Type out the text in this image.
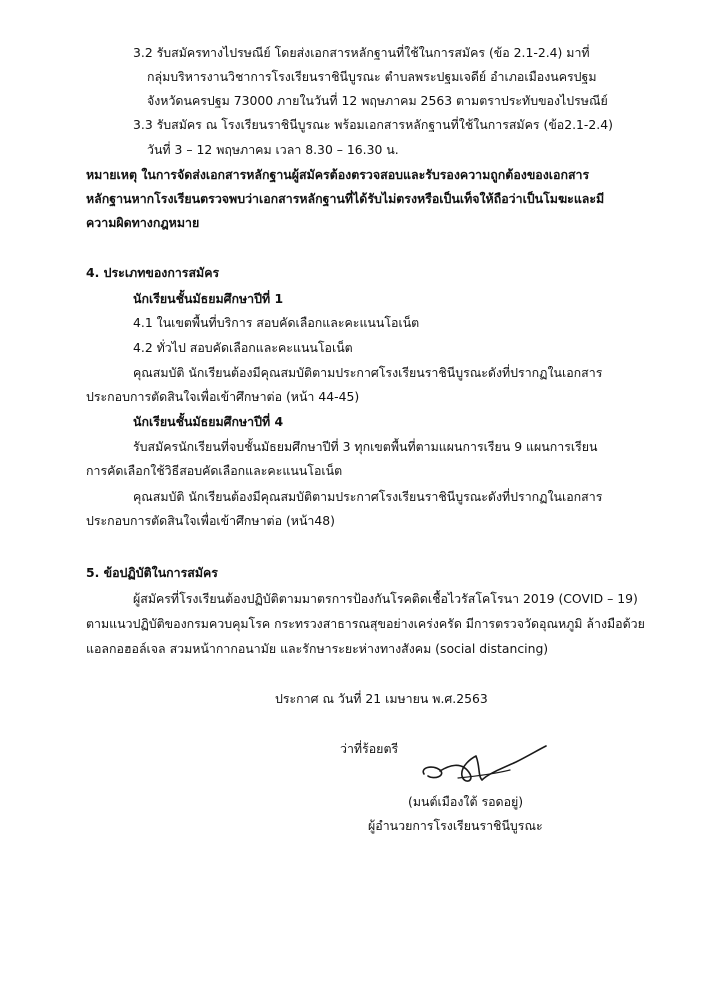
3.2 รับสมัครทางไปรษณีย์ โดยส่งเอกสารหลักฐานที่ใช้ในการสมัคร (ข้อ 2.1-2.4) มาที่
กลุ่มบริหารงานวิชาการโรงเรียนราชินีบูรณะ ตำบลพระปฐมเจดีย์ อำเภอเมืองนครปฐม
จังหวัดนครปฐม 73000 ภายในวันที่ 12 พฤษภาคม 2563 ตามตราประทับของไปรษณีย์
3.3 รับสมัคร ณ โรงเรียนราชินีบูรณะ พร้อมเอกสารหลักฐานที่ใช้ในการสมัคร (ข้อ2.1-2.4)
วันที่ 3 – 12 พฤษภาคม เวลา 8.30 – 16.30 น.
หมายเหตุ ในการจัดส่งเอกสารหลักฐานผู้สมัครต้องตรวจสอบและรับรองความถูกต้องของเอกสาร
หลักฐานหากโรงเรียนตรวจพบว่าเอกสารหลักฐานที่ได้รับไม่ตรงหรือเป็นเท็จให้ถือว่าเป็นโมฆะและมี
ความผิดทางกฎหมาย
4. ประเภทของการสมัคร
นักเรียนชั้นมัธยมศึกษาปีที่ 1
4.1 ในเขตพื้นที่บริการ สอบคัดเลือกและคะแนนโอเน็ต
4.2 ทั่วไป สอบคัดเลือกและคะแนนโอเน็ต
คุณสมบัติ นักเรียนต้องมีคุณสมบัติตามประกาศโรงเรียนราชินีบูรณะดังที่ปรากฏในเอกสาร
ประกอบการตัดสินใจเพื่อเข้าศึกษาต่อ (หน้า 44-45)
นักเรียนชั้นมัธยมศึกษาปีที่ 4
รับสมัครนักเรียนที่จบชั้นมัธยมศึกษาปีที่ 3 ทุกเขตพื้นที่ตามแผนการเรียน 9 แผนการเรียน
การคัดเลือกใช้วิธีสอบคัดเลือกและคะแนนโอเน็ต
คุณสมบัติ นักเรียนต้องมีคุณสมบัติตามประกาศโรงเรียนราชินีบูรณะดังที่ปรากฏในเอกสาร
ประกอบการตัดสินใจเพื่อเข้าศึกษาต่อ (หน้า48)
5. ข้อปฏิบัติในการสมัคร
ผู้สมัครที่โรงเรียนต้องปฏิบัติตามมาตรการป้องกันโรคติดเชื้อไวรัสโคโรนา 2019 (COVID – 19)
ตามแนวปฏิบัติของกรมควบคุมโรค กระทรวงสาธารณสุขอย่างเคร่งครัด มีการตรวจวัดอุณหภูมิ ล้างมือด้วย
แอลกอฮอล์เจล สวมหน้ากากอนามัย และรักษาระยะห่างทางสังคม (social distancing)
ประกาศ ณ วันที่ 21 เมษายน พ.ศ.2563
ว่าที่ร้อยตรี
(มนต์เมืองใต้ รอดอยู่)
ผู้อำนวยการโรงเรียนราชินีบูรณะ
